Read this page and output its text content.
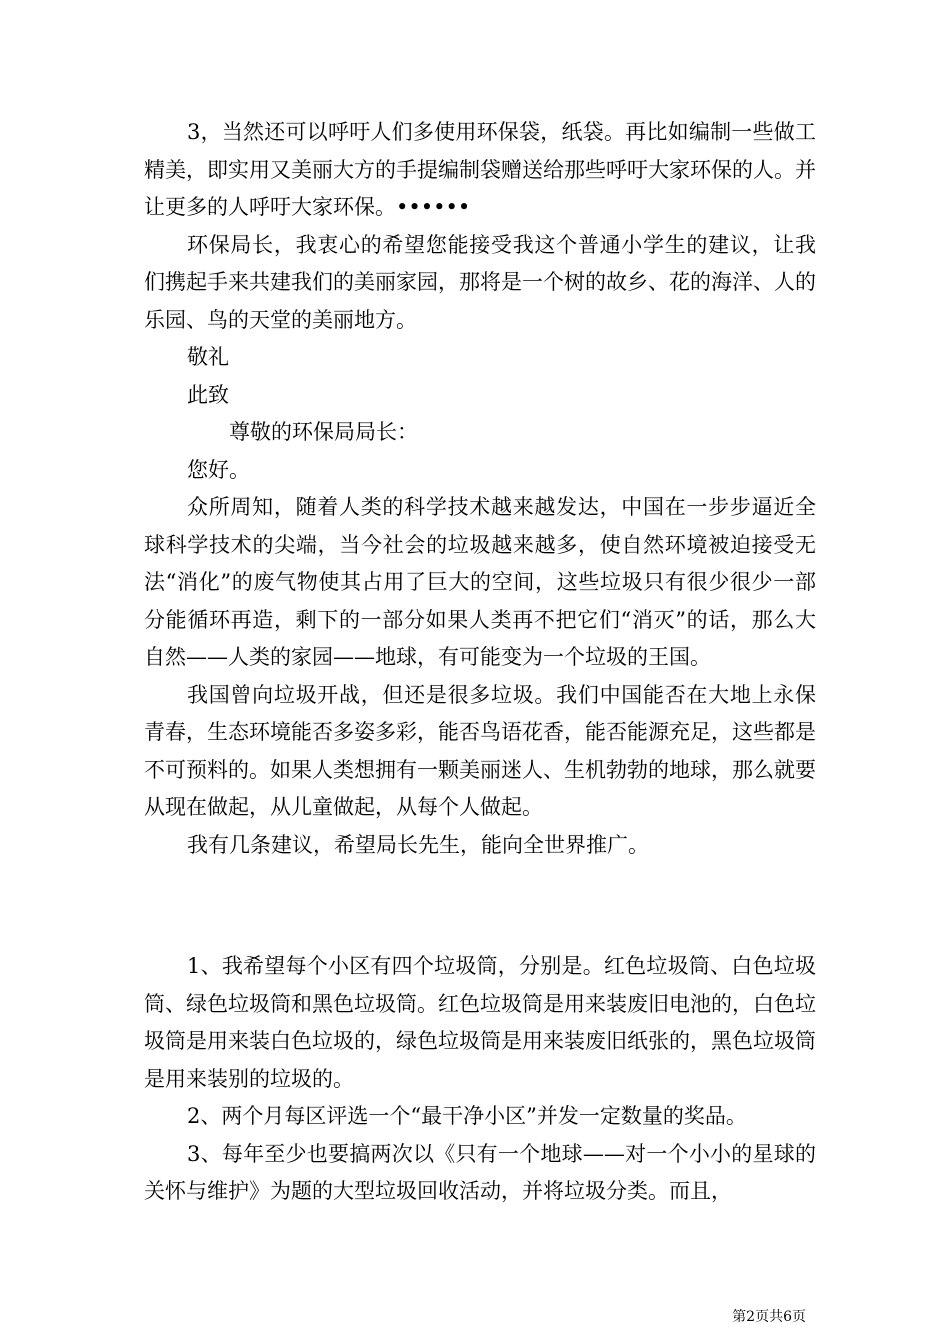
3，当然还可以呼吁人们多使用环保袋，纸袋。再比如编制一些做工精美，即实用又美丽大方的手提编制袋赠送给那些呼吁大家环保的人。并让更多的人呼吁大家环保。••••••

环保局长，我衷心的希望您能接受我这个普通小学生的建议，让我们携起手来共建我们的美丽家园，那将是一个树的故乡、花的海洋、人的乐园、鸟的天堂的美丽地方。

敬礼

此致

尊敬的环保局局长：

您好。

众所周知，随着人类的科学技术越来越发达，中国在一步步逼近全球科学技术的尖端，当今社会的垃圾越来越多，使自然环境被迫接受无法“消化”的废气物使其占用了巨大的空间，这些垃圾只有很少很少一部分能循环再造，剩下的一部分如果人类再不把它们“消灭”的话，那么大自然——人类的家园——地球，有可能变为一个垃圾的王国。

我国曾向垃圾开战，但还是很多垃圾。我们中国能否在大地上永保青春，生态环境能否多姿多彩，能否鸟语花香，能否能源充足，这些都是不可预料的。如果人类想拥有一颗美丽迷人、生机勃勃的地球，那么就要从现在做起，从儿童做起，从每个人做起。

我有几条建议，希望局长先生，能向全世界推广。

1、我希望每个小区有四个垃圾筒，分别是。红色垃圾筒、白色垃圾筒、绿色垃圾筒和黑色垃圾筒。红色垃圾筒是用来装废旧电池的，白色垃圾筒是用来装白色垃圾的，绿色垃圾筒是用来装废旧纸张的，黑色垃圾筒是用来装别的垃圾的。

2、两个月每区评选一个“最干净小区”并发一定数量的奖品。

3、每年至少也要搞两次以《只有一个地球——对一个小小的星球的关怀与维护》为题的大型垃圾回收活动，并将垃圾分类。而且，

第2页共6页
